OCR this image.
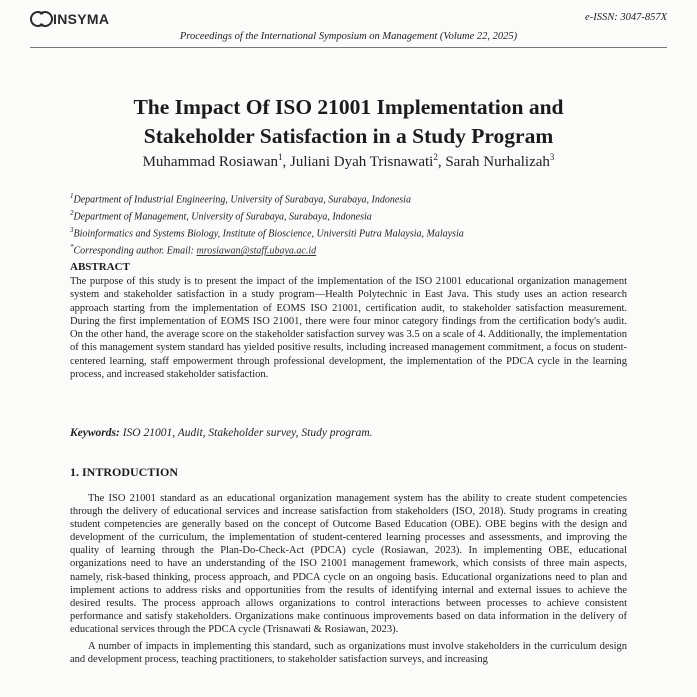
INSYMA	e-ISSN: 3047-857X
Proceedings of the International Symposium on Management (Volume 22, 2025)
The Impact Of ISO 21001 Implementation and
Stakeholder Satisfaction in a Study Program
Muhammad Rosiawan$^1$, Juliani Dyah Trisnawati$^2$, Sarah Nurhalizah$^3$
$^1$Department of Industrial Engineering, University of Surabaya, Surabaya, Indonesia
$^2$Department of Management, University of Surabaya, Surabaya, Indonesia
$^3$Bioinformatics and Systems Biology, Institute of Bioscience, Universiti Putra Malaysia, Malaysia
*Corresponding author. Email: mrosiawan@staff.ubaya.ac.id
ABSTRACT
The purpose of this study is to present the impact of the implementation of the ISO 21001 educational organization management system and stakeholder satisfaction in a study program—Health Polytechnic in East Java. This study uses an action research approach starting from the implementation of EOMS ISO 21001, certification audit, to stakeholder satisfaction measurement. During the first implementation of EOMS ISO 21001, there were four minor category findings from the certification body's audit. On the other hand, the average score on the stakeholder satisfaction survey was 3.5 on a scale of 4. Additionally, the implementation of this management system standard has yielded positive results, including increased management commitment, a focus on student-centered learning, staff empowerment through professional development, the implementation of the PDCA cycle in the learning process, and increased stakeholder satisfaction.
Keywords: ISO 21001, Audit, Stakeholder survey, Study program.
1. INTRODUCTION

The ISO 21001 standard as an educational organization management system has the ability to create student competencies through the delivery of educational services and increase satisfaction from stakeholders (ISO, 2018). Study programs in creating student competencies are generally based on the concept of Outcome Based Education (OBE). OBE begins with the design and development of the curriculum, the implementation of student-centered learning processes and assessments, and improving the quality of learning through the Plan-Do-Check-Act (PDCA) cycle (Rosiawan, 2023). In implementing OBE, educational organizations need to have an understanding of the ISO 21001 management framework, which consists of three main aspects, namely, risk-based thinking, process approach, and PDCA cycle on an ongoing basis. Educational organizations need to plan and implement actions to address risks and opportunities from the results of identifying internal and external issues to achieve the desired results. The process approach allows organizations to control interactions between processes to achieve consistent performance and satisfy stakeholders. Organizations make continuous improvements based on data information in the delivery of educational services through the PDCA cycle (Trisnawati & Rosiawan, 2023).

A number of impacts in implementing this standard, such as organizations must involve stakeholders in the curriculum design and development process, teaching practitioners, to stakeholder satisfaction surveys, and increasing
